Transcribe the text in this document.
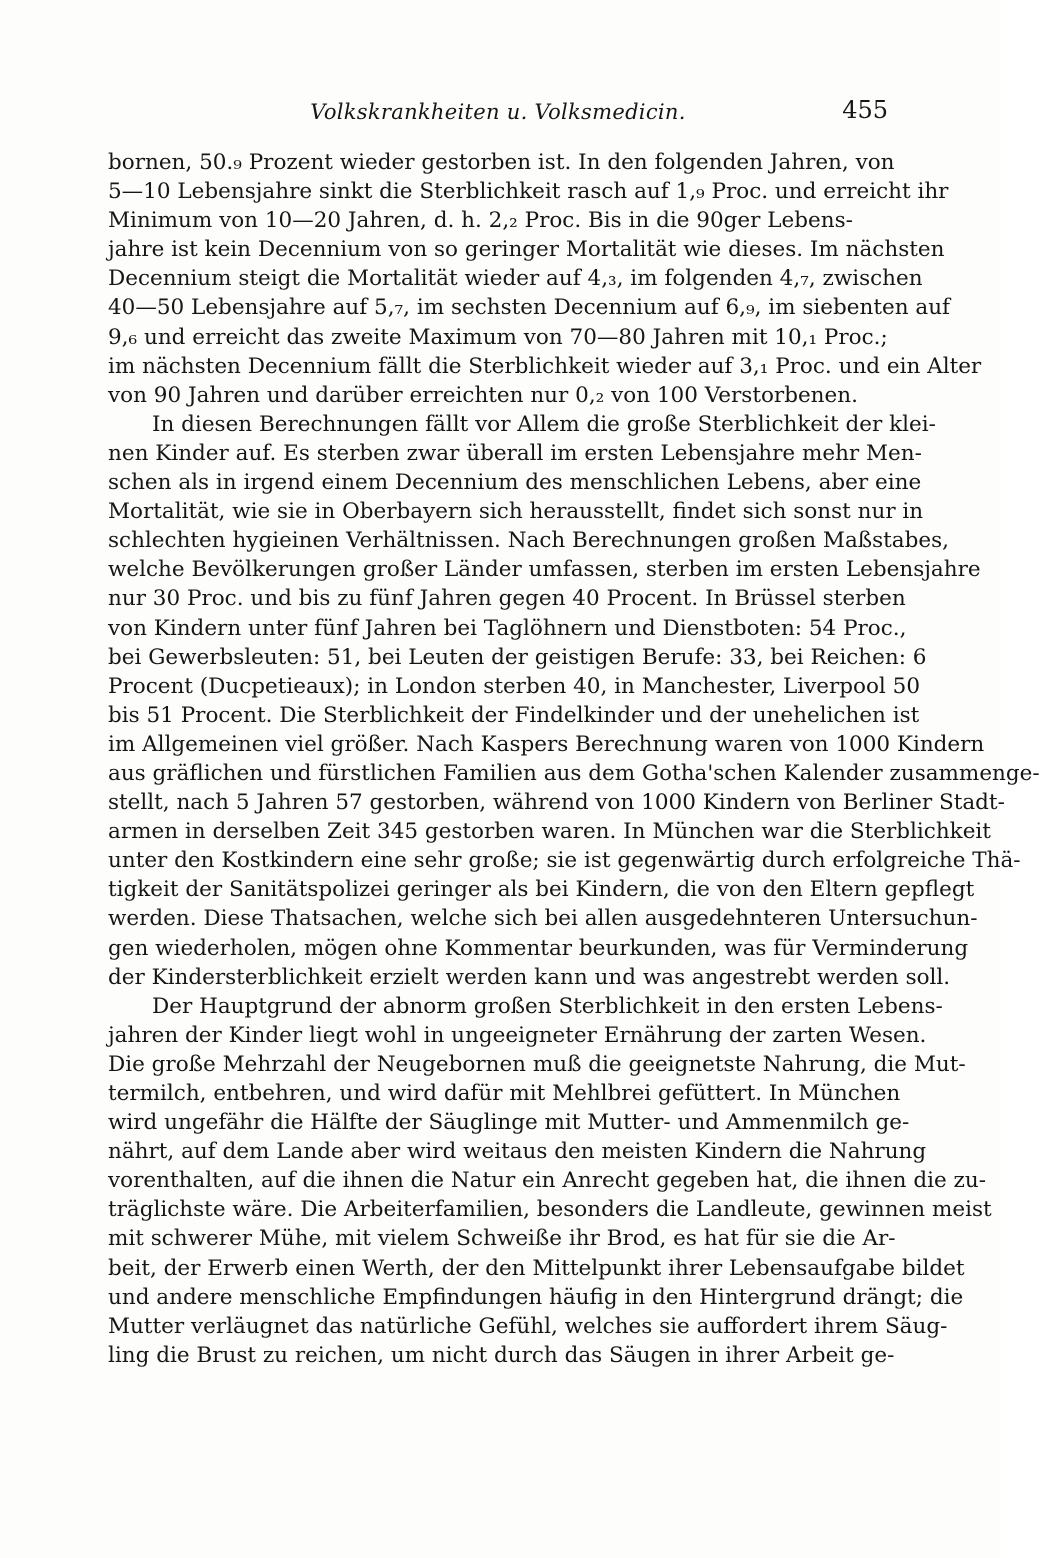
Volkskrankheiten u. Volksmedicin.	455
bornen, 50.₉ Prozent wieder gestorben ist. In den folgenden Jahren, von
5—10 Lebensjahre sinkt die Sterblichkeit rasch auf 1,₉ Proc. und erreicht ihr
Minimum von 10—20 Jahren, d. h. 2,₂ Proc. Bis in die 90ger Lebens-
jahre ist kein Decennium von so geringer Mortalität wie dieses. Im nächsten
Decennium steigt die Mortalität wieder auf 4,₃, im folgenden 4,₇, zwischen
40—50 Lebensjahre auf 5,₇, im sechsten Decennium auf 6,₉, im siebenten auf
9,₆ und erreicht das zweite Maximum von 70—80 Jahren mit 10,₁ Proc.;
im nächsten Decennium fällt die Sterblichkeit wieder auf 3,₁ Proc. und ein Alter
von 90 Jahren und darüber erreichten nur 0,₂ von 100 Verstorbenen.
In diesen Berechnungen fällt vor Allem die große Sterblichkeit der klei-
nen Kinder auf. Es sterben zwar überall im ersten Lebensjahre mehr Men-
schen als in irgend einem Decennium des menschlichen Lebens, aber eine
Mortalität, wie sie in Oberbayern sich herausstellt, findet sich sonst nur in
schlechten hygieinen Verhältnissen. Nach Berechnungen großen Maßstabes,
welche Bevölkerungen großer Länder umfassen, sterben im ersten Lebensjahre
nur 30 Proc. und bis zu fünf Jahren gegen 40 Procent. In Brüssel sterben
von Kindern unter fünf Jahren bei Taglöhnern und Dienstboten: 54 Proc.,
bei Gewerbsleuten: 51, bei Leuten der geistigen Berufe: 33, bei Reichen: 6
Procent (Ducpetieaux); in London sterben 40, in Manchester, Liverpool 50
bis 51 Procent. Die Sterblichkeit der Findelkinder und der unehelichen ist
im Allgemeinen viel größer. Nach Kaspers Berechnung waren von 1000 Kindern
aus gräflichen und fürstlichen Familien aus dem Gotha'schen Kalender zusammenge-
stellt, nach 5 Jahren 57 gestorben, während von 1000 Kindern von Berliner Stadt-
armen in derselben Zeit 345 gestorben waren. In München war die Sterblichkeit
unter den Kostkindern eine sehr große; sie ist gegenwärtig durch erfolgreiche Thä-
tigkeit der Sanitätspolizei geringer als bei Kindern, die von den Eltern gepflegt
werden. Diese Thatsachen, welche sich bei allen ausgedehnteren Untersuchun-
gen wiederholen, mögen ohne Kommentar beurkunden, was für Verminderung
der Kindersterblichkeit erzielt werden kann und was angestrebt werden soll.
Der Hauptgrund der abnorm großen Sterblichkeit in den ersten Lebens-
jahren der Kinder liegt wohl in ungeeigneter Ernährung der zarten Wesen.
Die große Mehrzahl der Neugebornen muß die geeignetste Nahrung, die Mut-
termilch, entbehren, und wird dafür mit Mehlbrei gefüttert. In München
wird ungefähr die Hälfte der Säuglinge mit Mutter- und Ammenmilch ge-
nährt, auf dem Lande aber wird weitaus den meisten Kindern die Nahrung
vorenthalten, auf die ihnen die Natur ein Anrecht gegeben hat, die ihnen die zu-
träglichste wäre. Die Arbeiterfamilien, besonders die Landleute, gewinnen meist
mit schwerer Mühe, mit vielem Schweiße ihr Brod, es hat für sie die Ar-
beit, der Erwerb einen Werth, der den Mittelpunkt ihrer Lebensaufgabe bildet
und andere menschliche Empfindungen häufig in den Hintergrund drängt; die
Mutter verläugnet das natürliche Gefühl, welches sie auffordert ihrem Säug-
ling die Brust zu reichen, um nicht durch das Säugen in ihrer Arbeit ge-
